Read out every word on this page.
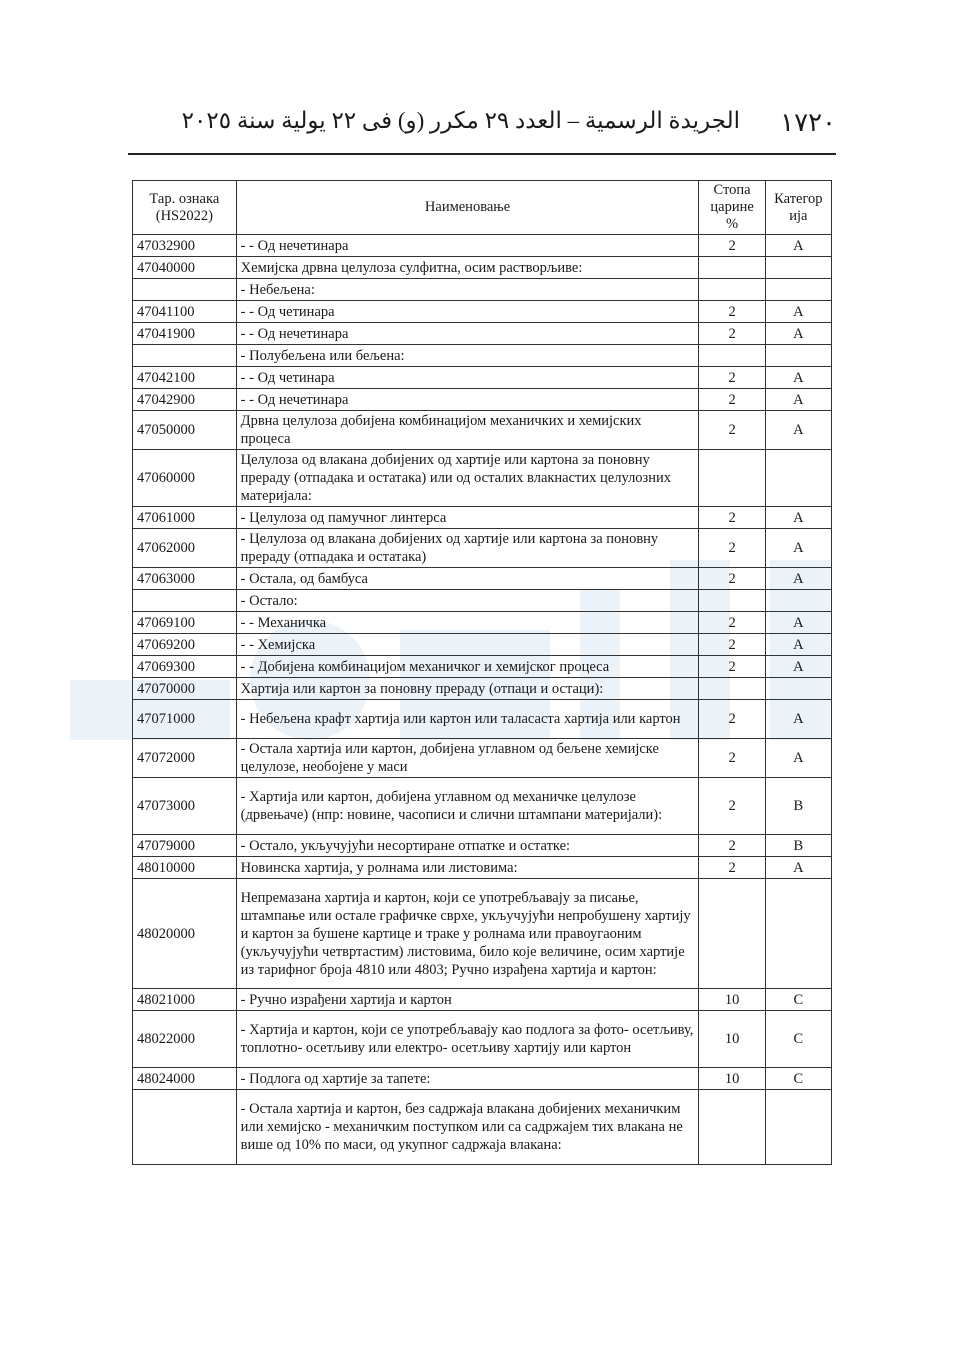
١٧٢٠
الجريدة الرسمية – العدد ٢٩ مكرر (و) فى ٢٢ يولية سنة ٢٠٢٥
Тар. ознака (HS2022)	Наименовање	Стопа царине %	Категор ија
47032900	- - Од нечетинара	2	A
47040000	Хемијска дрвна целулоза сулфитна, осим растворљиве:		
	- Небељена:		
47041100	- - Од четинара	2	A
47041900	- - Од нечетинара	2	A
	- Полубељена или бељена:		
47042100	- - Од четинара	2	A
47042900	- - Од нечетинара	2	A
47050000	Дрвна целулоза добијена комбинацијом механичких и хемијских процеса	2	A
47060000	Целулоза од влакана добијених од хартије или картона за поновну прераду (отпадака и остатака) или од осталих влакнастих целулозних материјала:		
47061000	- Целулоза од памучног линтерса	2	A
47062000	- Целулоза од влакана добијених од хартије или картона за поновну прераду (отпадака и остатака)	2	A
47063000	- Остала, од бамбуса	2	A
	- Остало:		
47069100	- - Механичка	2	A
47069200	- - Хемијска	2	A
47069300	- - Добијена комбинацијом механичког и хемијског процеса	2	A
47070000	Хартија или картон за поновну прераду (отпаци и остаци):		
47071000	- Небељена крафт хартија или картон или таласаста хартија или картон	2	A
47072000	- Остала хартија или картон, добијена углавном од бељене хемијске целулозе, необојене у маси	2	A
47073000	- Хартија или картон, добијена углавном од механичке целулозе (дрвењаче) (нпр: новине, часописи и слични штампани материјали):	2	B
47079000	- Остало, укључујући несортиране отпатке и остатке:	2	B
48010000	Новинска хартија, у ролнама или листовима:	2	A
48020000	Непремазана хартија и картон, који се употребљавају за писање, штампање или остале графичке сврхе, укључујући непробушену хартију и картон за бушене картице и траке у ролнама или правоугаоним (укључујући четвртастим) листовима, било које величине, осим хартије из тарифног броја 4810 или 4803; Ручно израђена хартија и картон:		
48021000	- Ручно израђени хартија и картон	10	C
48022000	- Хартија и картон, који се употребљавају као подлога за фото- осетљиву, топлотно- осетљиву или електро- осетљиву хартију или картон	10	C
48024000	- Подлога од хартије за тапете:	10	C
	- Остала хартија и картон, без садржаја влакана добијених механичким или хемијско - механичким поступком или са садржајем тих влакана не више од 10% по маси, од укупног садржаја влакана:		
